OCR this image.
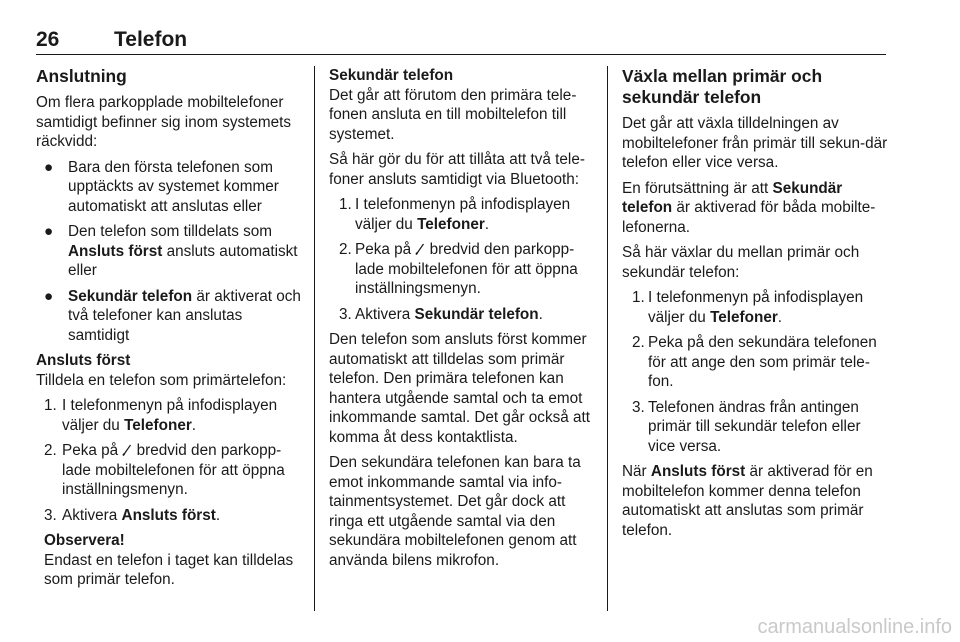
26	Telefon
Anslutning

Om flera parkopplade mobiltelefoner samtidigt befinner sig inom systemets räckvidd:

● Bara den första telefonen som upptäckts av systemet kommer automatiskt att anslutas eller
● Den telefon som tilldelats som Ansluts först ansluts automatiskt eller
● Sekundär telefon är aktiverat och två telefoner kan anslutas samtidigt
Ansluts först

Tilldela en telefon som primärtelefon:

1. I telefonmenyn på infodisplayen väljer du Telefoner.
2. Peka på  bredvid den parkopp-lade mobiltelefonen för att öppna inställningsmenyn.
3. Aktivera Ansluts först.
Observera!

Endast en telefon i taget kan tilldelas som primär telefon.

Sekundär telefon

Det går att förutom den primära tele-fonen ansluta en till mobiltelefon till systemet.

Så här gör du för att tillåta att två tele-foner ansluts samtidigt via Bluetooth:

1. I telefonmenyn på infodisplayen väljer du Telefoner.
2. Peka på  bredvid den parkopp-lade mobiltelefonen för att öppna inställningsmenyn.
3. Aktivera Sekundär telefon.

Den telefon som ansluts först kommer automatiskt att tilldelas som primär telefon. Den primära telefonen kan hantera utgående samtal och ta emot inkommande samtal. Det går också att komma åt dess kontaktlista.

Den sekundära telefonen kan bara ta emot inkommande samtal via info-tainmentsystemet. Det går dock att ringa ett utgående samtal via den sekundära mobiltelefonen genom att använda bilens mikrofon.

Växla mellan primär och sekundär telefon

Det går att växla tilldelningen av mobiltelefoner från primär till sekun-där telefon eller vice versa.

En förutsättning är att Sekundär telefon är aktiverad för båda mobilte-lefonerna.

Så här växlar du mellan primär och sekundär telefon:

1. I telefonmenyn på infodisplayen väljer du Telefoner.
2. Peka på den sekundära telefonen för att ange den som primär tele-fon.
3. Telefonen ändras från antingen primär till sekundär telefon eller vice versa.

När Ansluts först är aktiverad för en mobiltelefon kommer denna telefon automatiskt att anslutas som primär telefon.

carmanualsonline.info
